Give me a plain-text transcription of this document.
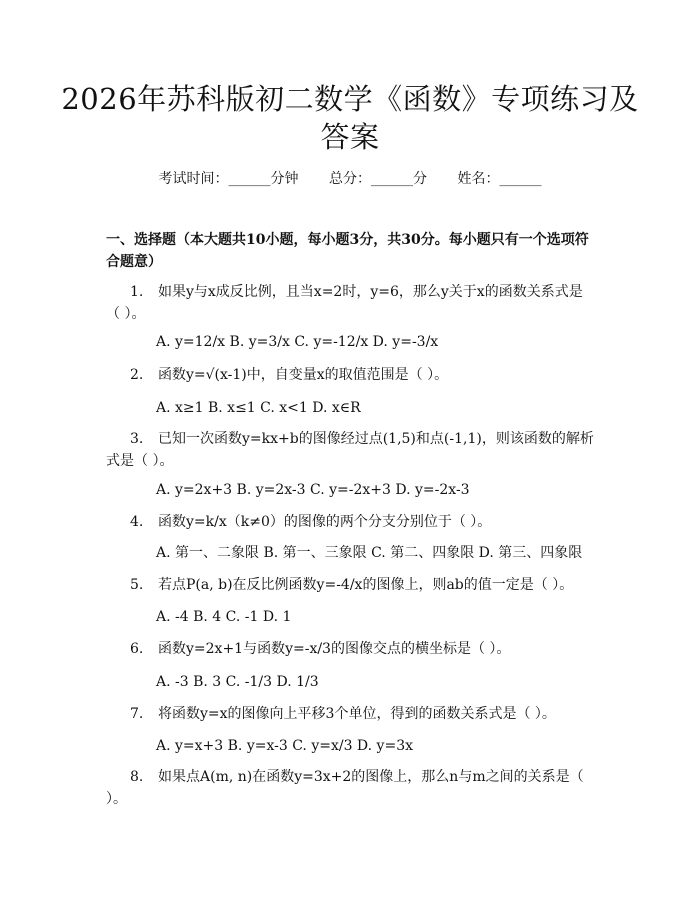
2026年苏科版初二数学《函数》专项练习及
答案
考试时间：______分钟 总分：______分 姓名：______
一、选择题（本大题共10小题，每小题3分，共30分。每小题只有一个选项符合题意）
1. 如果y与x成反比例，且当x=2时，y=6，那么y关于x的函数关系式是（ ）。
A. y=12/x B. y=3/x C. y=-12/x D. y=-3/x
2. 函数y=√(x-1)中，自变量x的取值范围是（ ）。
A. x≥1 B. x≤1 C. x<1 D. x∈R
3. 已知一次函数y=kx+b的图像经过点(1,5)和点(-1,1)，则该函数的解析式是（ ）。
A. y=2x+3 B. y=2x-3 C. y=-2x+3 D. y=-2x-3
4. 函数y=k/x（k≠0）的图像的两个分支分别位于（ ）。
A. 第一、二象限 B. 第一、三象限 C. 第二、四象限 D. 第三、四象限
5. 若点P(a, b)在反比例函数y=-4/x的图像上，则ab的值一定是（ ）。
A. -4 B. 4 C. -1 D. 1
6. 函数y=2x+1与函数y=-x/3的图像交点的横坐标是（ ）。
A. -3 B. 3 C. -1/3 D. 1/3
7. 将函数y=x的图像向上平移3个单位，得到的函数关系式是（ ）。
A. y=x+3 B. y=x-3 C. y=x/3 D. y=3x
8. 如果点A(m, n)在函数y=3x+2的图像上，那么n与m之间的关系是（ ）。
